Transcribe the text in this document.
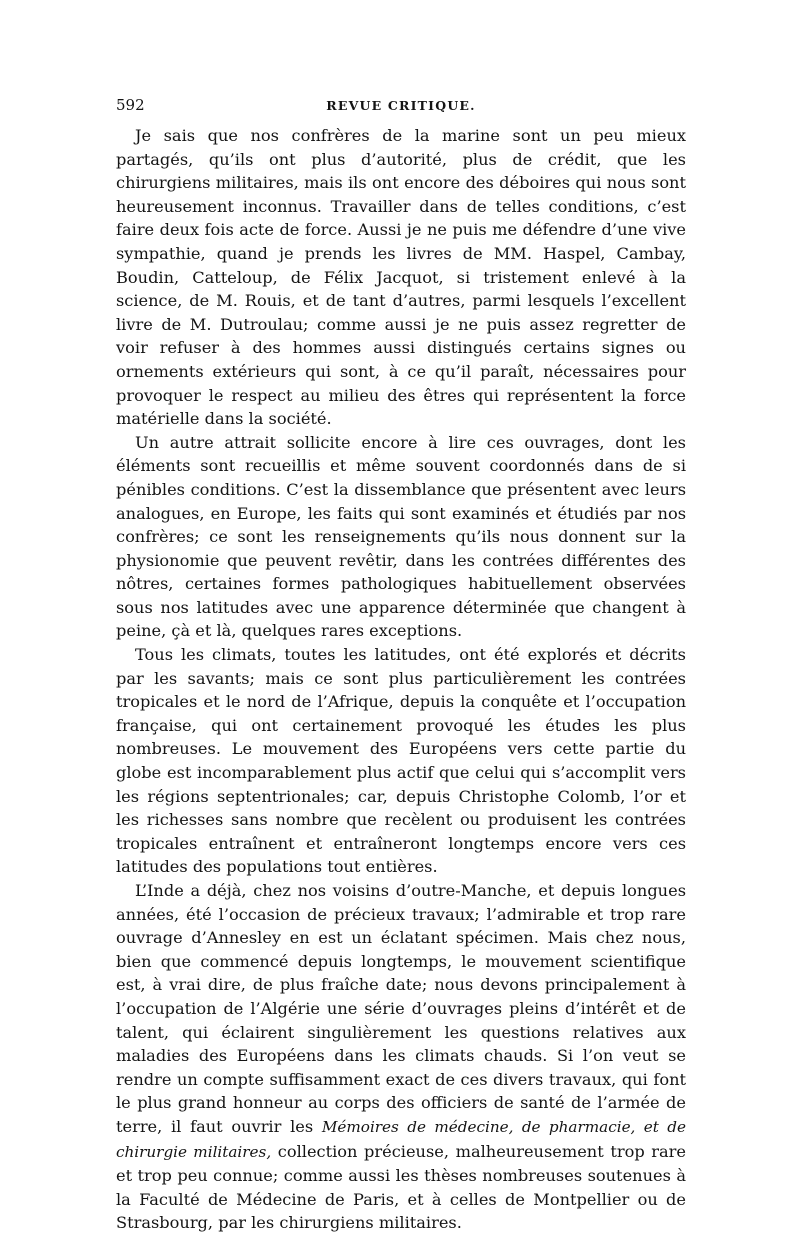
592	REVUE CRITIQUE.

Je sais que nos confrères de la marine sont un peu mieux partagés, qu’ils ont plus d’autorité, plus de crédit, que les chirurgiens militaires, mais ils ont encore des déboires qui nous sont heureusement inconnus. Travailler dans de telles conditions, c’est faire deux fois acte de force. Aussi je ne puis me défendre d’une vive sympathie, quand je prends les livres de MM. Haspel, Cambay, Boudin, Catteloup, de Félix Jacquot, si tristement enlevé à la science, de M. Rouis, et de tant d’autres, parmi lesquels l’excellent livre de M. Dutroulau; comme aussi je ne puis assez regretter de voir refuser à des hommes aussi distingués certains signes ou ornements extérieurs qui sont, à ce qu’il paraît, nécessaires pour provoquer le respect au milieu des êtres qui représentent la force matérielle dans la société.

Un autre attrait sollicite encore à lire ces ouvrages, dont les éléments sont recueillis et même souvent coordonnés dans de si pénibles conditions. C’est la dissemblance que présentent avec leurs analogues, en Europe, les faits qui sont examinés et étudiés par nos confrères; ce sont les renseignements qu’ils nous donnent sur la physionomie que peuvent revêtir, dans les contrées différentes des nôtres, certaines formes pathologiques habituellement observées sous nos latitudes avec une apparence déterminée que changent à peine, çà et là, quelques rares exceptions.

Tous les climats, toutes les latitudes, ont été explorés et décrits par les savants; mais ce sont plus particulièrement les contrées tropicales et le nord de l’Afrique, depuis la conquête et l’occupation française, qui ont certainement provoqué les études les plus nombreuses. Le mouvement des Européens vers cette partie du globe est incomparablement plus actif que celui qui s’accomplit vers les régions septentrionales; car, depuis Christophe Colomb, l’or et les richesses sans nombre que recèlent ou produisent les contrées tropicales entraînent et entraîneront longtemps encore vers ces latitudes des populations tout entières.

L’Inde a déjà, chez nos voisins d’outre-Manche, et depuis longues années, été l’occasion de précieux travaux; l’admirable et trop rare ouvrage d’Annesley en est un éclatant spécimen. Mais chez nous, bien que commencé depuis longtemps, le mouvement scientifique est, à vrai dire, de plus fraîche date; nous devons principalement à l’occupation de l’Algérie une série d’ouvrages pleins d’intérêt et de talent, qui éclairent singulièrement les questions relatives aux maladies des Européens dans les climats chauds. Si l’on veut se rendre un compte suffisamment exact de ces divers travaux, qui font le plus grand honneur au corps des officiers de santé de l’armée de terre, il faut ouvrir les Mémoires de médecine, de pharmacie, et de chirurgie militaires, collection précieuse, malheureusement trop rare et trop peu connue; comme aussi les thèses nombreuses soutenues à la Faculté de Médecine de Paris, et à celles de Montpellier ou de Strasbourg, par les chirurgiens militaires.
